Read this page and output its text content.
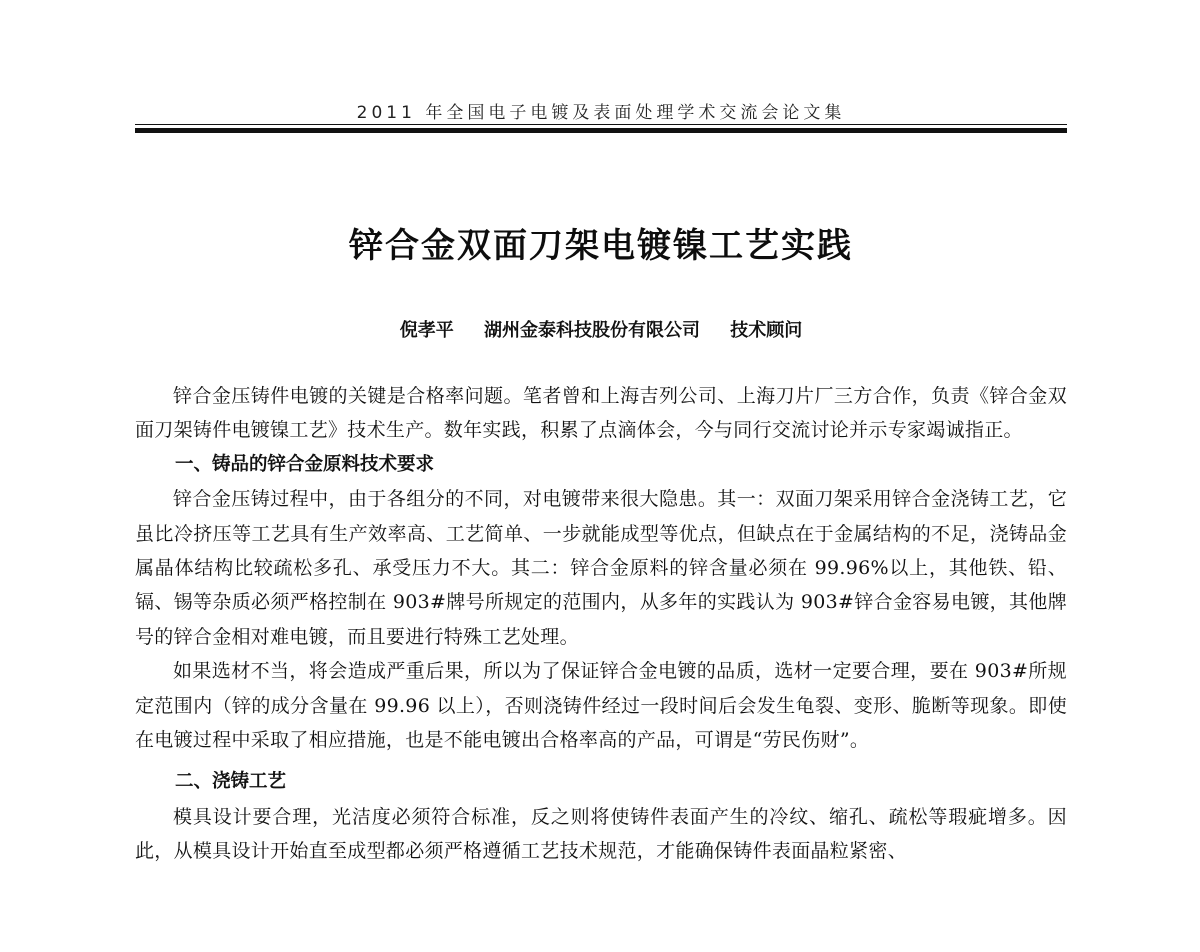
2011 年全国电子电镀及表面处理学术交流会论文集
锌合金双面刀架电镀镍工艺实践
倪孝平 湖州金泰科技股份有限公司 技术顾问

锌合金压铸件电镀的关键是合格率问题。笔者曾和上海吉列公司、上海刀片厂三方合作，负责《锌合金双面刀架铸件电镀镍工艺》技术生产。数年实践，积累了点滴体会，今与同行交流讨论并示专家竭诚指正。

一、铸品的锌合金原料技术要求

锌合金压铸过程中，由于各组分的不同，对电镀带来很大隐患。其一：双面刀架采用锌合金浇铸工艺，它虽比冷挤压等工艺具有生产效率高、工艺简单、一步就能成型等优点，但缺点在于金属结构的不足，浇铸品金属晶体结构比较疏松多孔、承受压力不大。其二：锌合金原料的锌含量必须在 99.96%以上，其他铁、铅、镉、锡等杂质必须严格控制在 903#牌号所规定的范围内，从多年的实践认为 903#锌合金容易电镀，其他牌号的锌合金相对难电镀，而且要进行特殊工艺处理。

如果选材不当，将会造成严重后果，所以为了保证锌合金电镀的品质，选材一定要合理，要在 903#所规定范围内（锌的成分含量在 99.96 以上），否则浇铸件经过一段时间后会发生龟裂、变形、脆断等现象。即使在电镀过程中采取了相应措施，也是不能电镀出合格率高的产品，可谓是“劳民伤财”。

二、浇铸工艺

模具设计要合理，光洁度必须符合标准，反之则将使铸件表面产生的冷纹、缩孔、疏松等瑕疵增多。因此，从模具设计开始直至成型都必须严格遵循工艺技术规范，才能确保铸件表面晶粒紧密、
